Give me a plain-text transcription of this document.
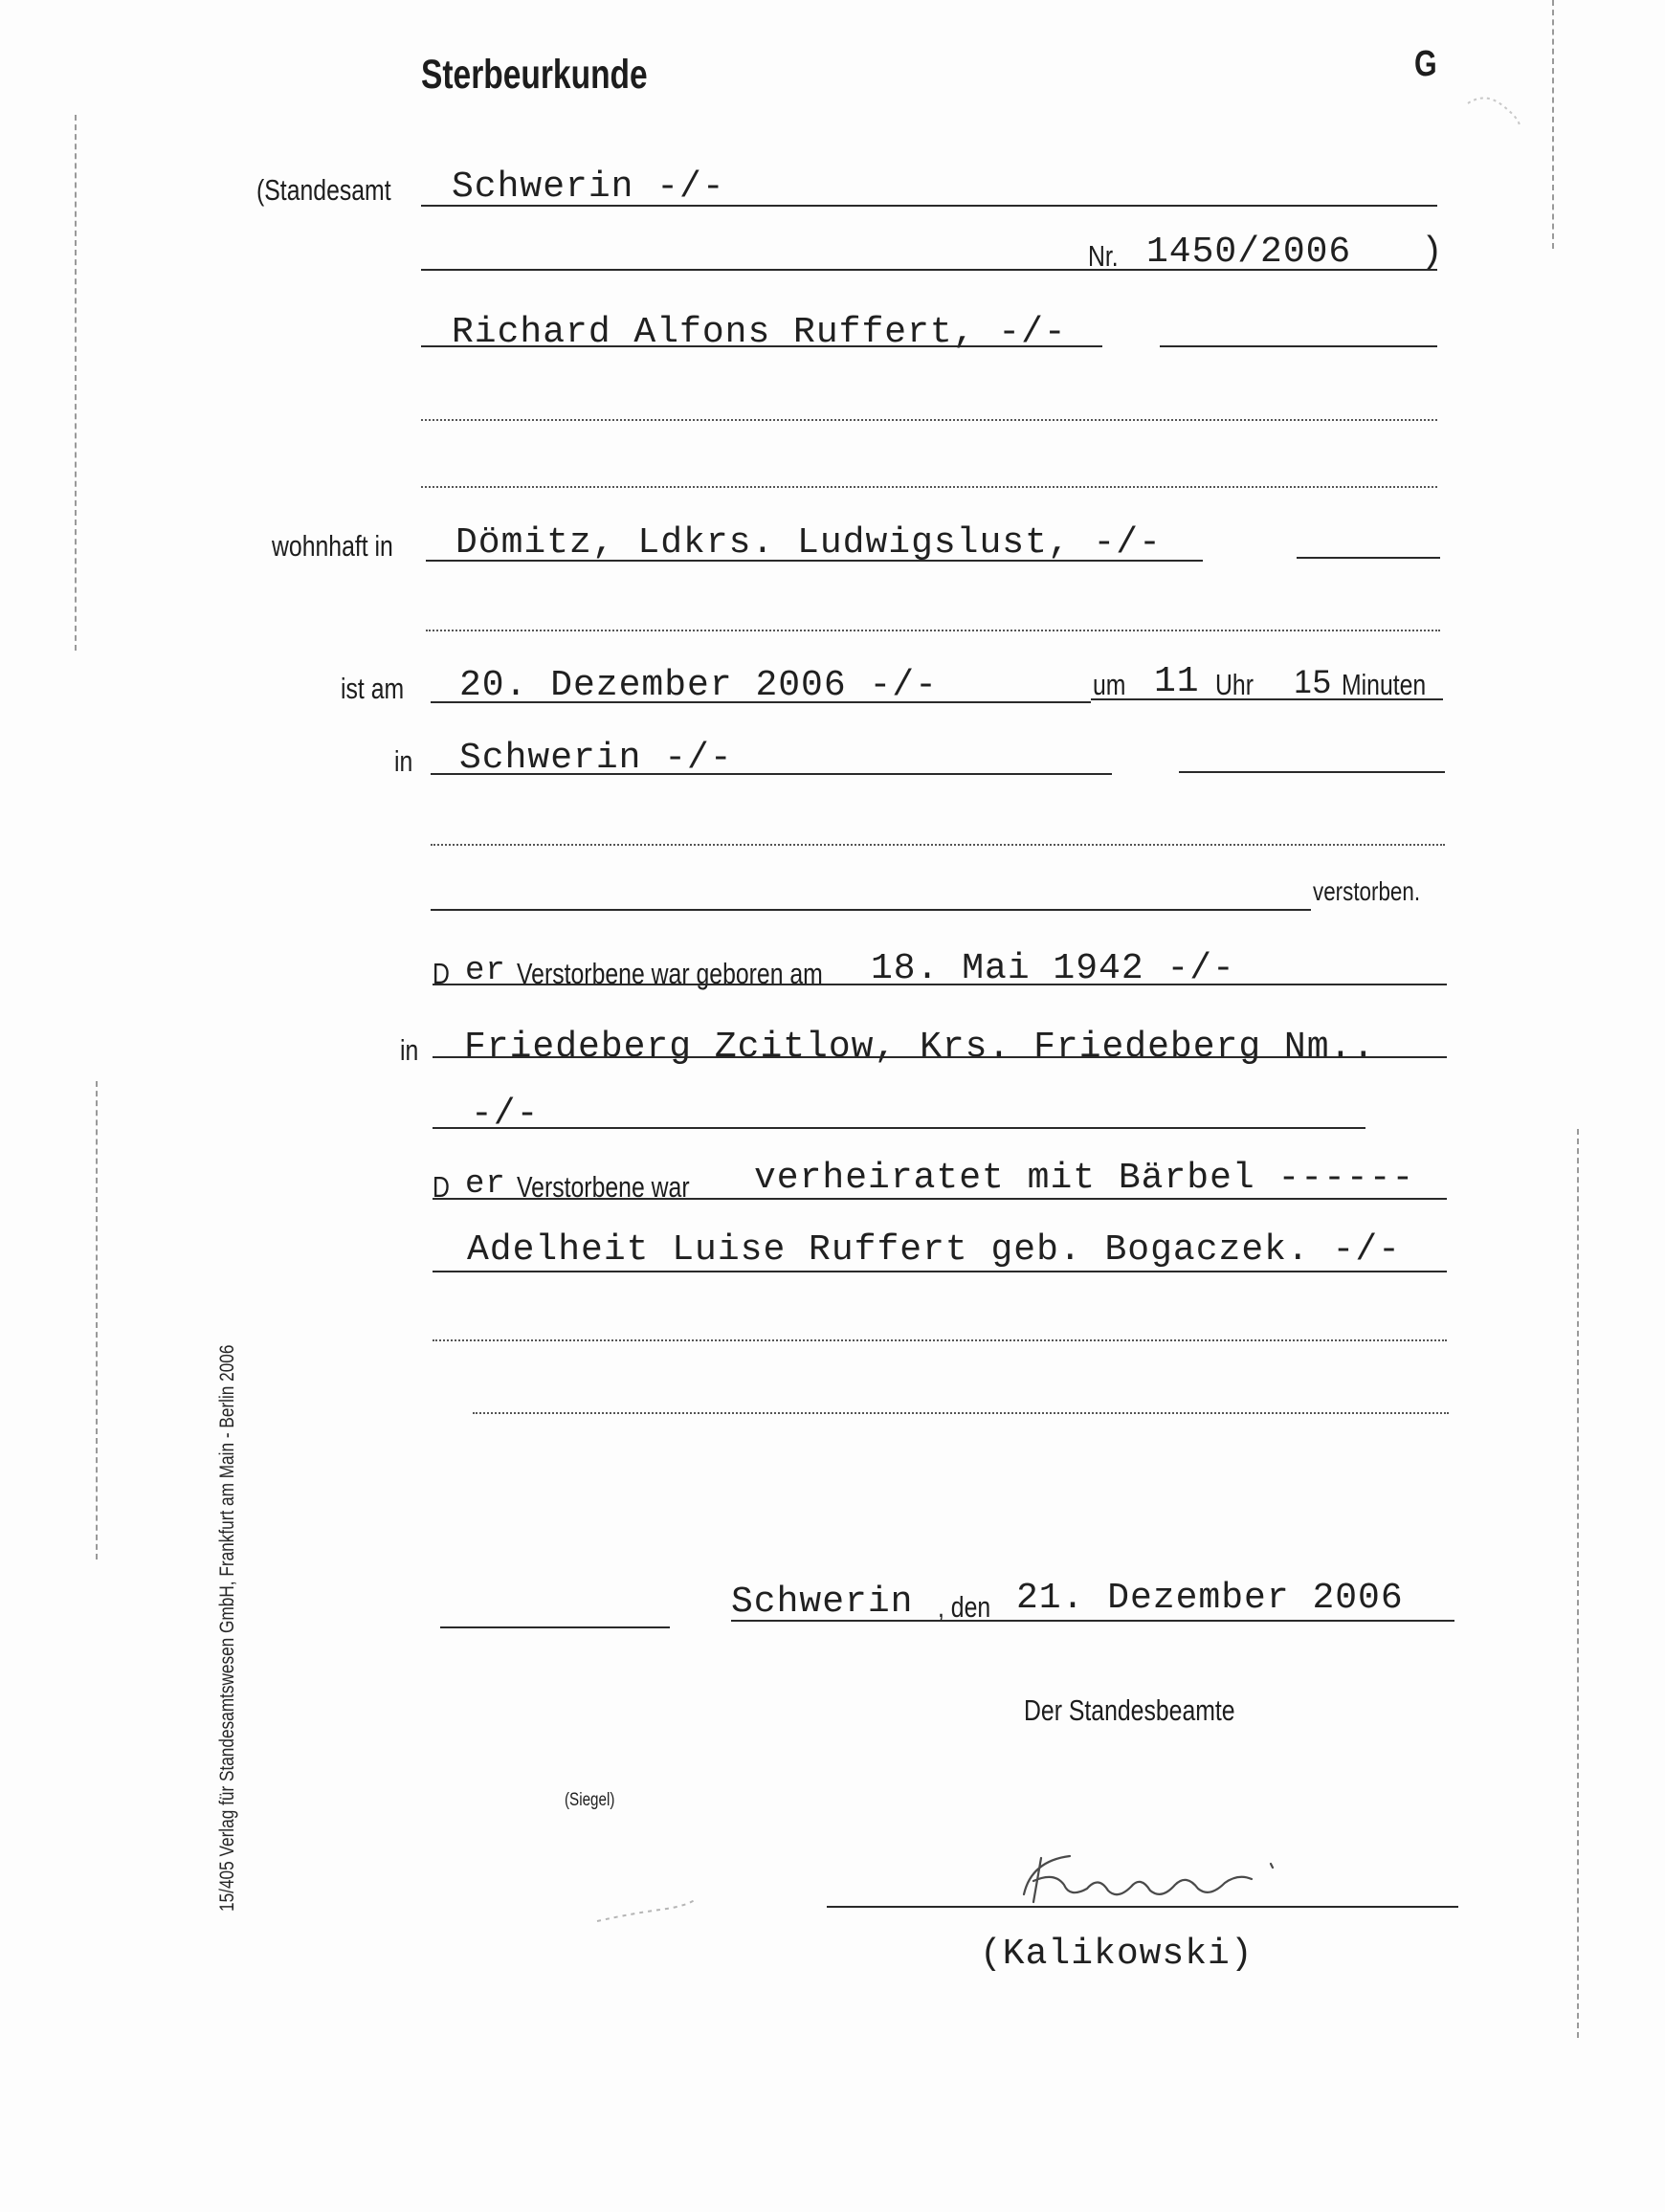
Sterbeurkunde	G
(Standesamt Schwerin -/-
Nr. 1450/2006 )
Richard Alfons Ruffert, -/-
wohnhaft in Dömitz, Ldkrs. Ludwigslust, -/-
ist am 20. Dezember 2006 -/-	um 11 Uhr 15 Minuten
in Schwerin -/-
verstorben.
D er Verstorbene war geboren am 18. Mai 1942 -/-
in Friedeberg Zcitlow, Krs. Friedeberg Nm..
-/-
D er Verstorbene war verheiratet mit Bärbel ------
Adelheit Luise Ruffert geb. Bogaczek. -/-
Schwerin , den 21. Dezember 2006
Der Standesbeamte
(Siegel)
(Kalikowski)
15/405 Verlag für Standesamtswesen GmbH, Frankfurt am Main - Berlin 2006
